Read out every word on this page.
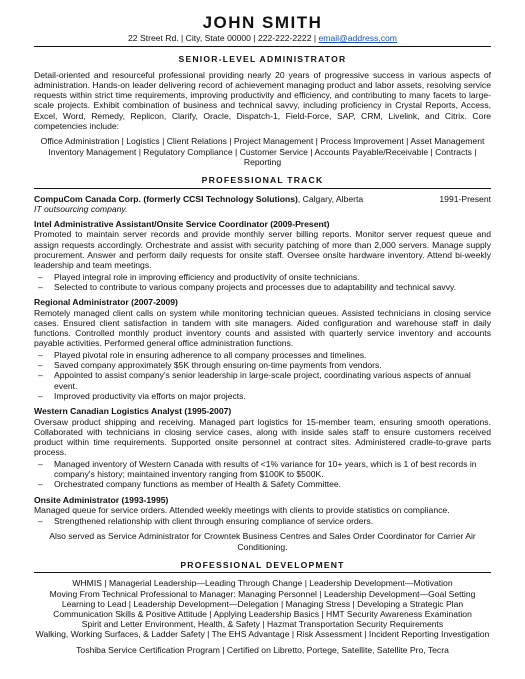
JOHN SMITH
22 Street Rd. | City, State 00000 | 222-222-2222 | email@address.com
SENIOR-LEVEL ADMINISTRATOR
Detail-oriented and resourceful professional providing nearly 20 years of progressive success in various aspects of administration. Hands-on leader delivering record of achievement managing product and labor assets, resolving service requests within strict time requirements, improving productivity and efficiency, and contributing to many facets to large-scale projects. Exhibit combination of business and technical savvy, including proficiency in Crystal Reports, Access, Excel, Word, Remedy, Replicon, Clarify, Oracle, Dispatch-1, Field-Force, SAP, CRM, Livelink, and Citrix. Core competencies include:
Office Administration | Logistics | Client Relations | Project Management | Process Improvement | Asset Management
Inventory Management | Regulatory Compliance | Customer Service | Accounts Payable/Receivable | Contracts | Reporting
PROFESSIONAL TRACK
CompuCom Canada Corp. (formerly CCSI Technology Solutions), Calgary, Alberta	1991-Present
IT outsourcing company.
Intel Administrative Assistant/Onsite Service Coordinator (2009-Present)
Promoted to maintain server records and provide monthly server billing reports. Monitor server request queue and assign requests accordingly. Orchestrate and assist with security patching of more than 2,000 servers. Manage supply procurement. Answer and perform daily requests for onsite staff. Oversee onsite hardware inventory. Attend bi-weekly leadership and team meetings.
– Played integral role in improving efficiency and productivity of onsite technicians.
– Selected to contribute to various company projects and processes due to adaptability and technical savvy.
Regional Administrator (2007-2009)
Remotely managed client calls on system while monitoring technician queues. Assisted technicians in closing service cases. Ensured client satisfaction in tandem with site managers. Aided configuration and warehouse staff in daily functions. Controlled monthly product inventory counts and assisted with quarterly service inventory and accounts payable activities. Performed general office administration functions.
– Played pivotal role in ensuring adherence to all company processes and timelines.
– Saved company approximately $5K through ensuring on-time payments from vendors.
– Appointed to assist company's senior leadership in large-scale project, coordinating various aspects of annual event.
– Improved productivity via efforts on major projects.
Western Canadian Logistics Analyst (1995-2007)
Oversaw product shipping and receiving. Managed part logistics for 15-member team, ensuring smooth operations. Collaborated with technicians in closing service cases, along with inside sales staff to ensure customers received product within time requirements. Supported onsite personnel at contract sites. Administered cradle-to-grave parts process.
– Managed inventory of Western Canada with results of <1% variance for 10+ years, which is 1 of best records in company's history; maintained inventory ranging from $100K to $500K.
– Orchestrated company functions as member of Health & Safety Committee.
Onsite Administrator (1993-1995)
Managed queue for service orders. Attended weekly meetings with clients to provide statistics on compliance.
– Strengthened relationship with client through ensuring compliance of service orders.
Also served as Service Administrator for Crowntek Business Centres and Sales Order Coordinator for Carrier Air Conditioning.
PROFESSIONAL DEVELOPMENT
WHMIS | Managerial Leadership—Leading Through Change | Leadership Development—Motivation
Moving From Technical Professional to Manager: Managing Personnel | Leadership Development—Goal Setting
Learning to Lead | Leadership Development—Delegation | Managing Stress | Developing a Strategic Plan
Communication Skills & Positive Attitude | Applying Leadership Basics | HMT Security Awareness Examination
Spirit and Letter Environment, Health, & Safety | Hazmat Transportation Security Requirements
Walking, Working Surfaces, & Ladder Safety | The EHS Advantage | Risk Assessment | Incident Reporting Investigation
Toshiba Service Certification Program | Certified on Libretto, Portege, Satellite, Satellite Pro, Tecra
